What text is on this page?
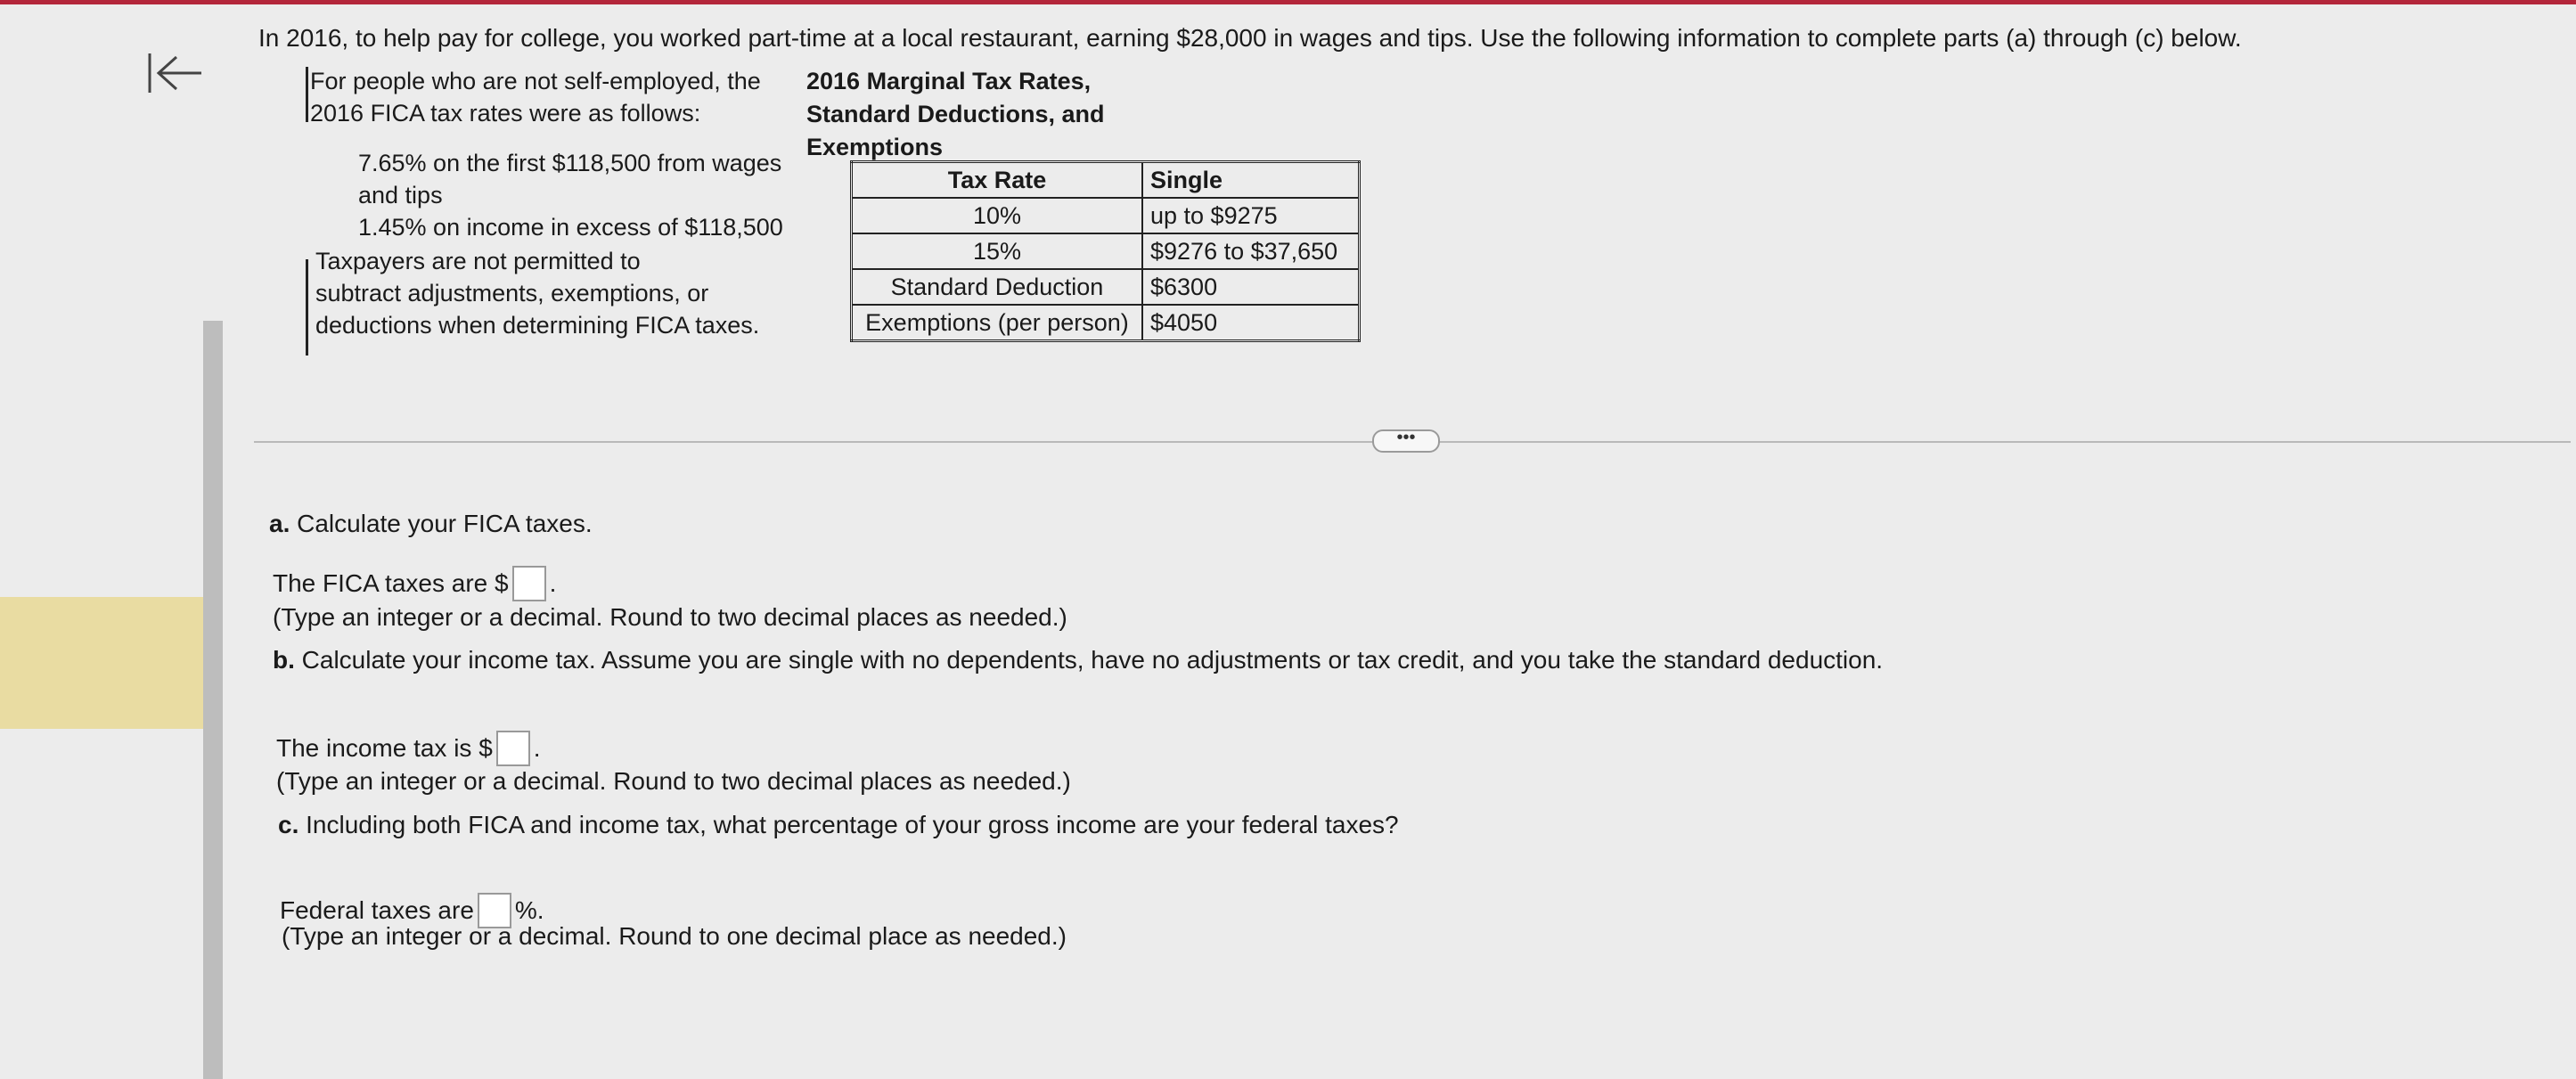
In 2016, to help pay for college, you worked part-time at a local restaurant, earning $28,000 in wages and tips. Use the following information to complete parts (a) through (c) below.
For people who are not self-employed, the
2016 FICA tax rates were as follows:
7.65% on the first $118,500 from wages
and tips
1.45% on income in excess of $118,500
Taxpayers are not permitted to
subtract adjustments, exemptions, or
deductions when determining FICA taxes.
2016 Marginal Tax Rates,
Standard Deductions, and
Exemptions
Tax Rate	Single
10%	up to $9275
15%	$9276 to $37,650
Standard Deduction	$6300
Exemptions (per person)	$4050
•••
a. Calculate your FICA taxes.
The FICA taxes are $ .
(Type an integer or a decimal. Round to two decimal places as needed.)
b. Calculate your income tax. Assume you are single with no dependents, have no adjustments or tax credit, and you take the standard deduction.
The income tax is $ .
(Type an integer or a decimal. Round to two decimal places as needed.)
c. Including both FICA and income tax, what percentage of your gross income are your federal taxes?
Federal taxes are %.
(Type an integer or a decimal. Round to one decimal place as needed.)
